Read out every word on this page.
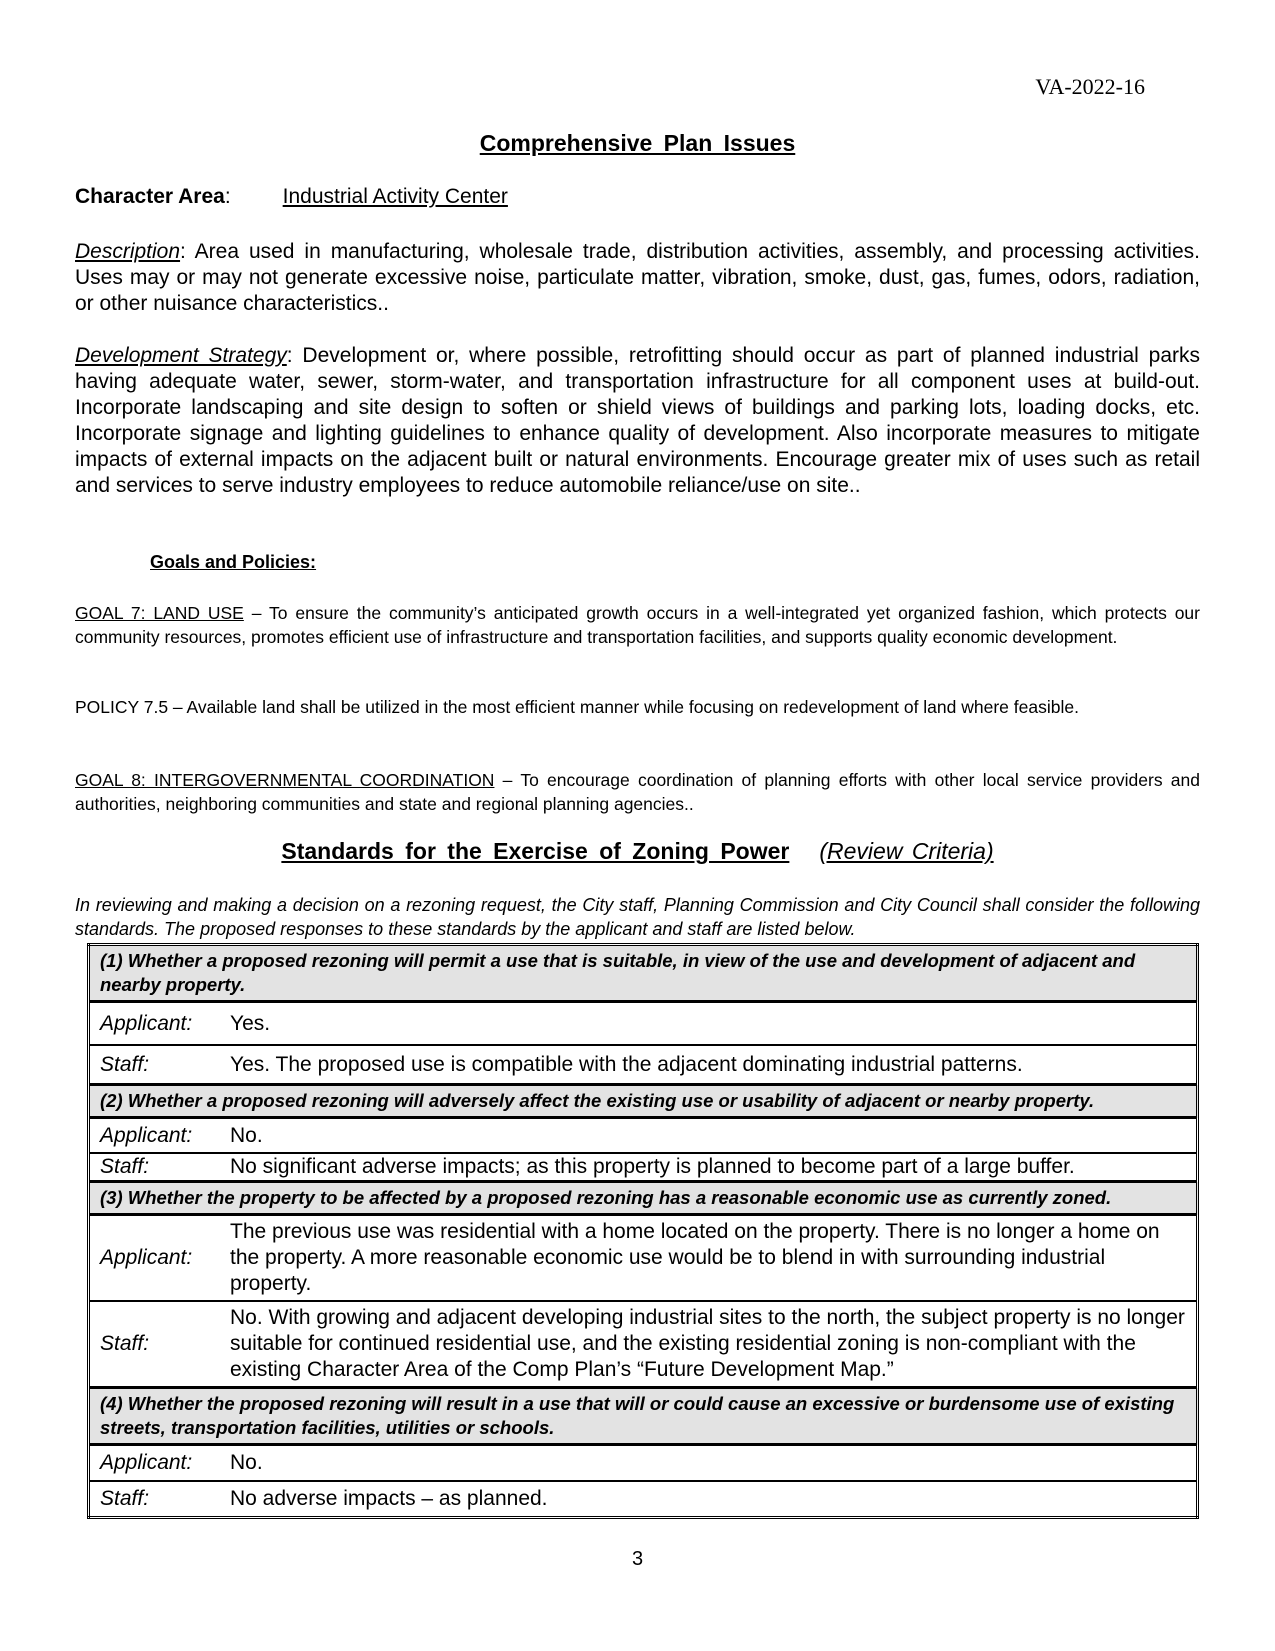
VA-2022-16
Comprehensive Plan Issues
Character Area: Industrial Activity Center
Description: Area used in manufacturing, wholesale trade, distribution activities, assembly, and processing activities. Uses may or may not generate excessive noise, particulate matter, vibration, smoke, dust, gas, fumes, odors, radiation, or other nuisance characteristics..
Development Strategy: Development or, where possible, retrofitting should occur as part of planned industrial parks having adequate water, sewer, storm-water, and transportation infrastructure for all component uses at build-out. Incorporate landscaping and site design to soften or shield views of buildings and parking lots, loading docks, etc. Incorporate signage and lighting guidelines to enhance quality of development. Also incorporate measures to mitigate impacts of external impacts on the adjacent built or natural environments. Encourage greater mix of uses such as retail and services to serve industry employees to reduce automobile reliance/use on site..
Goals and Policies:
GOAL 7: LAND USE – To ensure the community’s anticipated growth occurs in a well-integrated yet organized fashion, which protects our community resources, promotes efficient use of infrastructure and transportation facilities, and supports quality economic development.
POLICY 7.5 – Available land shall be utilized in the most efficient manner while focusing on redevelopment of land where feasible.
GOAL 8: INTERGOVERNMENTAL COORDINATION – To encourage coordination of planning efforts with other local service providers and authorities, neighboring communities and state and regional planning agencies..
Standards for the Exercise of Zoning Power (Review Criteria)
In reviewing and making a decision on a rezoning request, the City staff, Planning Commission and City Council shall consider the following standards. The proposed responses to these standards by the applicant and staff are listed below.
(1) Whether a proposed rezoning will permit a use that is suitable, in view of the use and development of adjacent and nearby property.

Applicant:	Yes.

Staff:	Yes. The proposed use is compatible with the adjacent dominating industrial patterns.

(2) Whether a proposed rezoning will adversely affect the existing use or usability of adjacent or nearby property.

Applicant:	No.

Staff:	No significant adverse impacts; as this property is planned to become part of a large buffer.

(3) Whether the property to be affected by a proposed rezoning has a reasonable economic use as currently zoned.

Applicant:
The previous use was residential with a home located on the property. There is no longer a home on the property. A more reasonable economic use would be to blend in with surrounding industrial property.

Staff:
No. With growing and adjacent developing industrial sites to the north, the subject property is no longer suitable for continued residential use, and the existing residential zoning is non-compliant with the existing Character Area of the Comp Plan’s “Future Development Map.”

(4) Whether the proposed rezoning will result in a use that will or could cause an excessive or burdensome use of existing streets, transportation facilities, utilities or schools.

Applicant:	No.

Staff:	No adverse impacts – as planned.
3
